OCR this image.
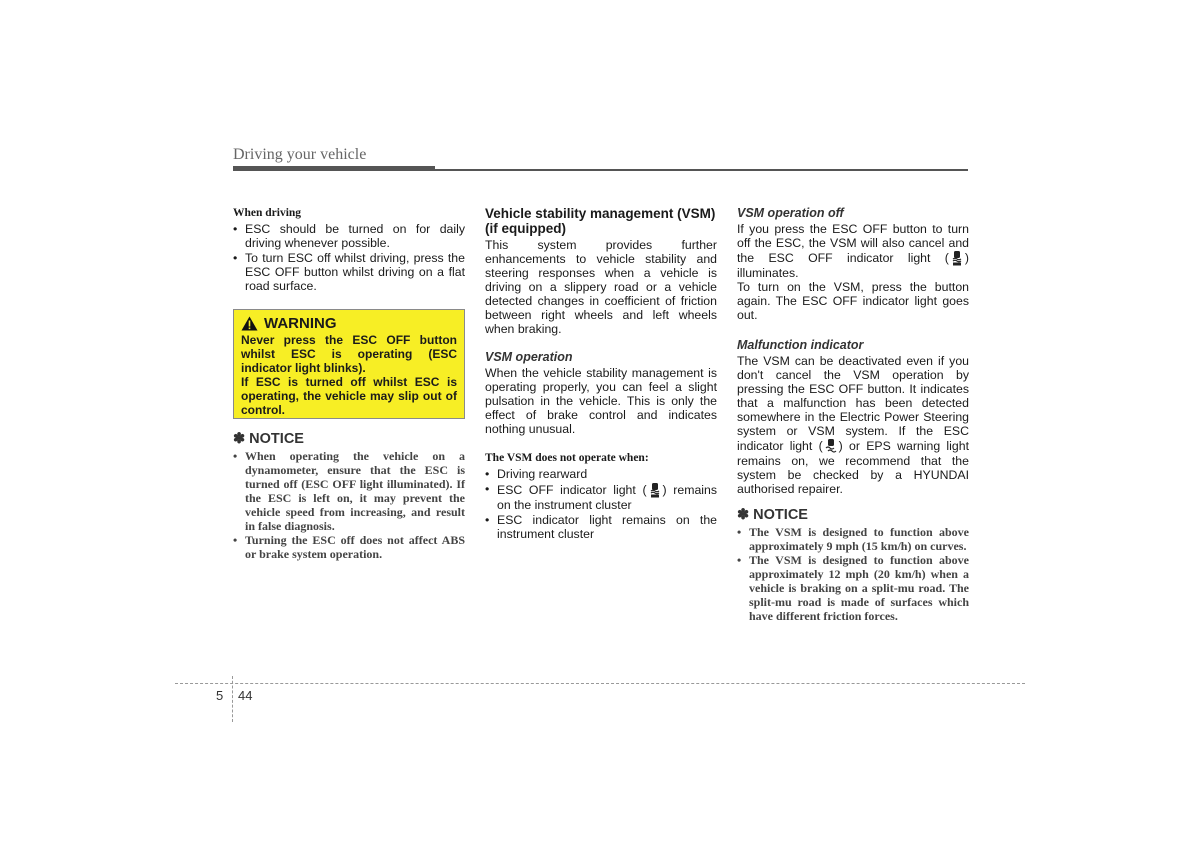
Driving your vehicle
When driving
• ESC should be turned on for daily driving whenever possible.
• To turn ESC off whilst driving, press the ESC OFF button whilst driving on a flat road surface.
WARNING
Never press the ESC OFF button whilst ESC is operating (ESC indicator light blinks).
If ESC is turned off whilst ESC is operating, the vehicle may slip out of control.
✽ NOTICE
• When operating the vehicle on a dynamometer, ensure that the ESC is turned off (ESC OFF light illuminated). If the ESC is left on, it may prevent the vehicle speed from increasing, and result in false diagnosis.
• Turning the ESC off does not affect ABS or brake system operation.
Vehicle stability management (VSM) (if equipped)

This system provides further enhancements to vehicle stability and steering responses when a vehicle is driving on a slippery road or a vehicle detected changes in coefficient of friction between right wheels and left wheels when braking.

VSM operation

When the vehicle stability management is operating properly, you can feel a slight pulsation in the vehicle. This is only the effect of brake control and indicates nothing unusual.

The VSM does not operate when:
• Driving rearward
• ESC OFF indicator light ( ) remains on the instrument cluster
• ESC indicator light remains on the instrument cluster
VSM operation off

If you press the ESC OFF button to turn off the ESC, the VSM will also cancel and the ESC OFF indicator light ( ) illuminates.

To turn on the VSM, press the button again. The ESC OFF indicator light goes out.

Malfunction indicator

The VSM can be deactivated even if you don't cancel the VSM operation by pressing the ESC OFF button. It indicates that a malfunction has been detected somewhere in the Electric Power Steering system or VSM system. If the ESC indicator light ( ) or EPS warning light remains on, we recommend that the system be checked by a HYUNDAI authorised repairer.

✽ NOTICE
• The VSM is designed to function above approximately 9 mph (15 km/h) on curves.
• The VSM is designed to function above approximately 12 mph (20 km/h) when a vehicle is braking on a split-mu road. The split-mu road is made of surfaces which have different friction forces.
5 44
